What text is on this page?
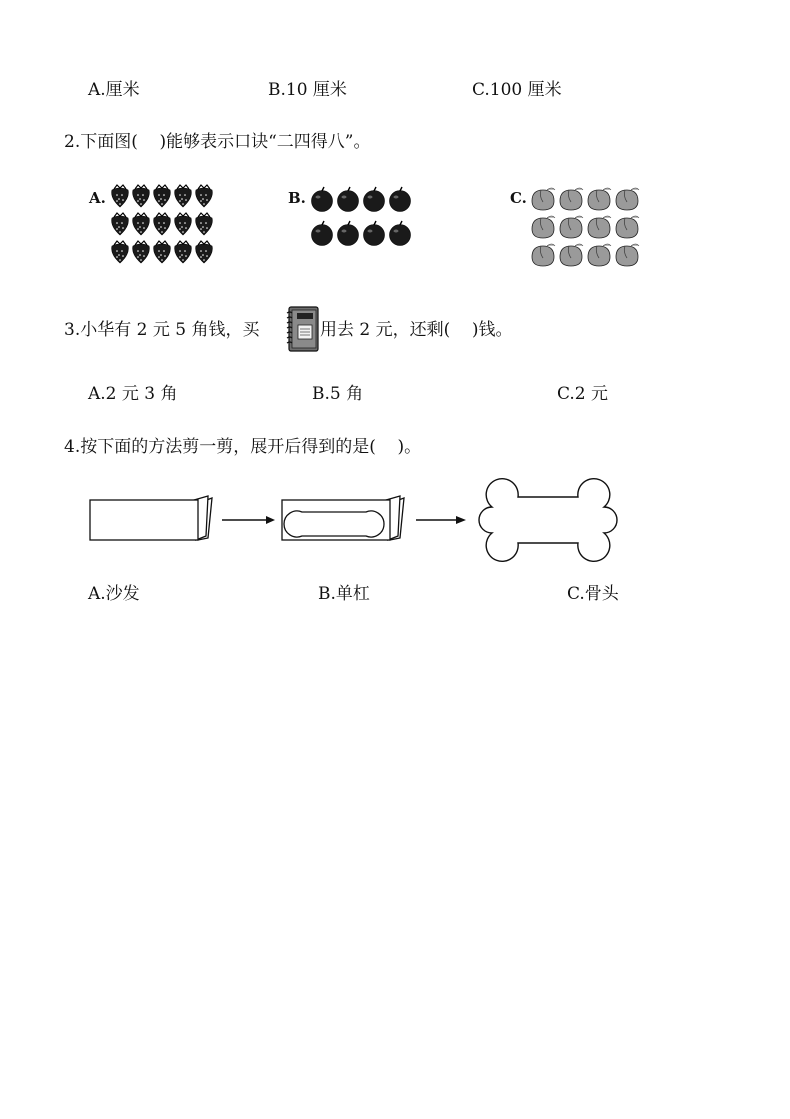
A.厘米	B.10 厘米	C.100 厘米
2.下面图(    )能够表示口诀“二四得八”。
A.	B.	C.
3.小华有 2 元 5 角钱，买	用去 2 元，还剩(    )钱。
A.2 元 3 角	B.5 角	C.2 元
4.按下面的方法剪一剪，展开后得到的是(    )。
A.沙发	B.单杠	C.骨头
